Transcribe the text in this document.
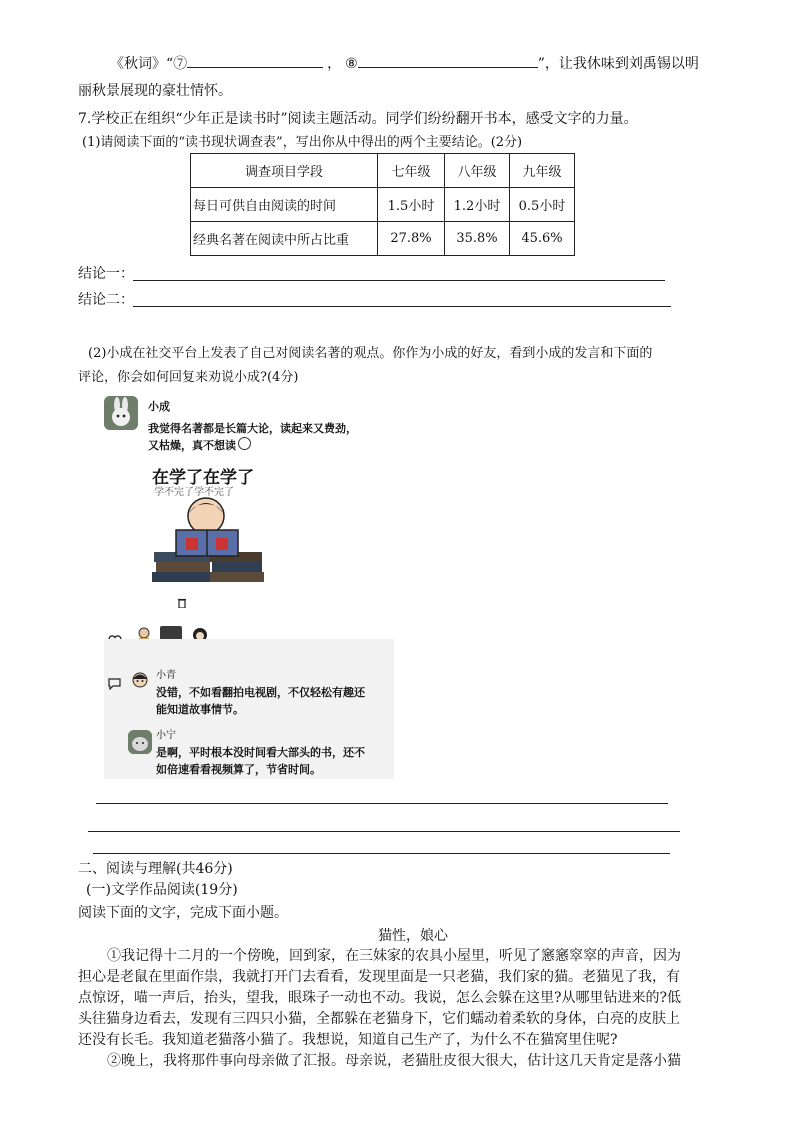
《秋词》“⑦	， ⑧	”，让我休味到刘禹锡以明
丽秋景展现的豪壮情怀。
7.学校正在组织“少年正是读书时”阅读主题活动。同学们纷纷翻开书本，感受文字的力量。
(1)请阅读下面的“读书现状调查表”，写出你从中得出的两个主要结论。(2分)
调查项目学段	七年级	八年级	九年级
每日可供自由阅读的时间	1.5小时	1.2小时	0.5小时
经典名著在阅读中所占比重	27.8%	35.8%	45.6%
结论一：
结论二：
(2)小成在社交平台上发表了自己对阅读名著的观点。你作为小成的好友，看到小成的发言和下面的
评论，你会如何回复来劝说小成?(4分)
小成
我觉得名著都是长篇大论，读起来又费劲，
又枯燥，真不想读
在学了在学了
学不完了学不完了
小青
没错，不如看翻拍电视剧，不仅轻松有趣还
能知道故事情节。
小宁
是啊，平时根本没时间看大部头的书，还不
如倍速看看视频算了，节省时间。
二、阅读与理解(共46分)
(一)文学作品阅读(19分)
阅读下面的文字，完成下面小题。
猫性，娘心
①我记得十二月的一个傍晚，回到家，在三妹家的农具小屋里，听见了窸窸窣窣的声音，因为
担心是老鼠在里面作祟，我就打开门去看看，发现里面是一只老猫，我们家的猫。老猫见了我，有
点惊讶，喵一声后，抬头，望我，眼珠子一动也不动。我说，怎么会躲在这里?从哪里钻进来的?低
头往猫身边看去，发现有三四只小猫，全都躲在老猫身下，它们蠕动着柔软的身体，白亮的皮肤上
还没有长毛。我知道老猫落小猫了。我想说，知道自己生产了，为什么不在猫窝里住呢?
②晚上，我将那件事向母亲做了汇报。母亲说，老猫肚皮很大很大，估计这几天肯定是落小猫
